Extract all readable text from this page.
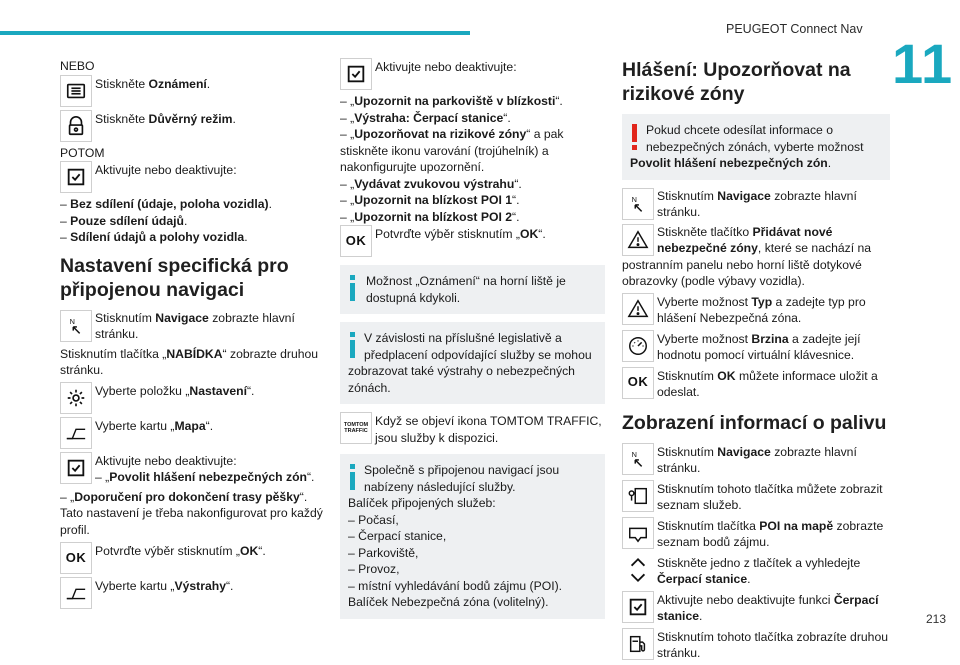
PEUGEOT Connect Nav
11
NEBO
Stiskněte Oznámení.
Stiskněte Důvěrný režim.
POTOM
Aktivujte nebo deaktivujte:
– Bez sdílení (údaje, poloha vozidla).
– Pouze sdílení údajů.
– Sdílení údajů a polohy vozidla.
Nastavení specifická pro připojenou navigaci
N Stisknutím Navigace zobrazte hlavní stránku.
Stisknutím tlačítka „NABÍDKA“ zobrazte druhou stránku.
Vyberte položku „Nastavení“.
Vyberte kartu „Mapa“.
Aktivujte nebo deaktivujte:
– „Povolit hlášení nebezpečných zón“.
– „Doporučení pro dokončení trasy pěšky“.
Tato nastavení je třeba nakonfigurovat pro každý profil.
OK Potvrďte výběr stisknutím „OK“.
Vyberte kartu „Výstrahy“.
Aktivujte nebo deaktivujte:
– „Upozornit na parkoviště v blízkosti“.
– „Výstraha: Čerpací stanice“.
– „Upozorňovat na rizikové zóny“ a pak stiskněte ikonu varování (trojúhelník) a nakonfigurujte upozornění.
– „Vydávat zvukovou výstrahu“.
– „Upozornit na blízkost POI 1“.
– „Upozornit na blízkost POI 2“.
OK Potvrďte výběr stisknutím „OK“.
Možnost „Oznámení“ na horní liště je dostupná kdykoli.
V závislosti na příslušné legislativě a předplacení odpovídající služby se mohou zobrazovat také výstrahy o nebezpečných zónách.
TOMTOM TRAFFIC
Když se objeví ikona TOMTOM TRAFFIC, jsou služby k dispozici.
Společně s připojenou navigací jsou nabízeny následující služby.
Balíček připojených služeb:
– Počasí,
– Čerpací stanice,
– Parkoviště,
– Provoz,
– místní vyhledávání bodů zájmu (POI).
Balíček Nebezpečná zóna (volitelný).
Hlášení: Upozorňovat na rizikové zóny
Pokud chcete odesílat informace o nebezpečných zónách, vyberte možnost Povolit hlášení nebezpečných zón.
N Stisknutím Navigace zobrazte hlavní stránku.
Stiskněte tlačítko Přidávat nové nebezpečné zóny, které se nachází na postranním panelu nebo horní liště dotykové obrazovky (podle výbavy vozidla).
Vyberte možnost Typ a zadejte typ pro hlášení Nebezpečná zóna.
Vyberte možnost Brzina a zadejte její hodnotu pomocí virtuální klávesnice.
OK Stisknutím OK můžete informace uložit a odeslat.
Zobrazení informací o palivu
N Stisknutím Navigace zobrazte hlavní stránku.
Stisknutím tohoto tlačítka můžete zobrazit seznam služeb.
Stisknutím tlačítka POI na mapě zobrazte seznam bodů zájmu.
Stiskněte jedno z tlačítek a vyhledejte Čerpací stanice.
Aktivujte nebo deaktivujte funkci Čerpací stanice.
Stisknutím tohoto tlačítka zobrazíte druhou stránku.
213
